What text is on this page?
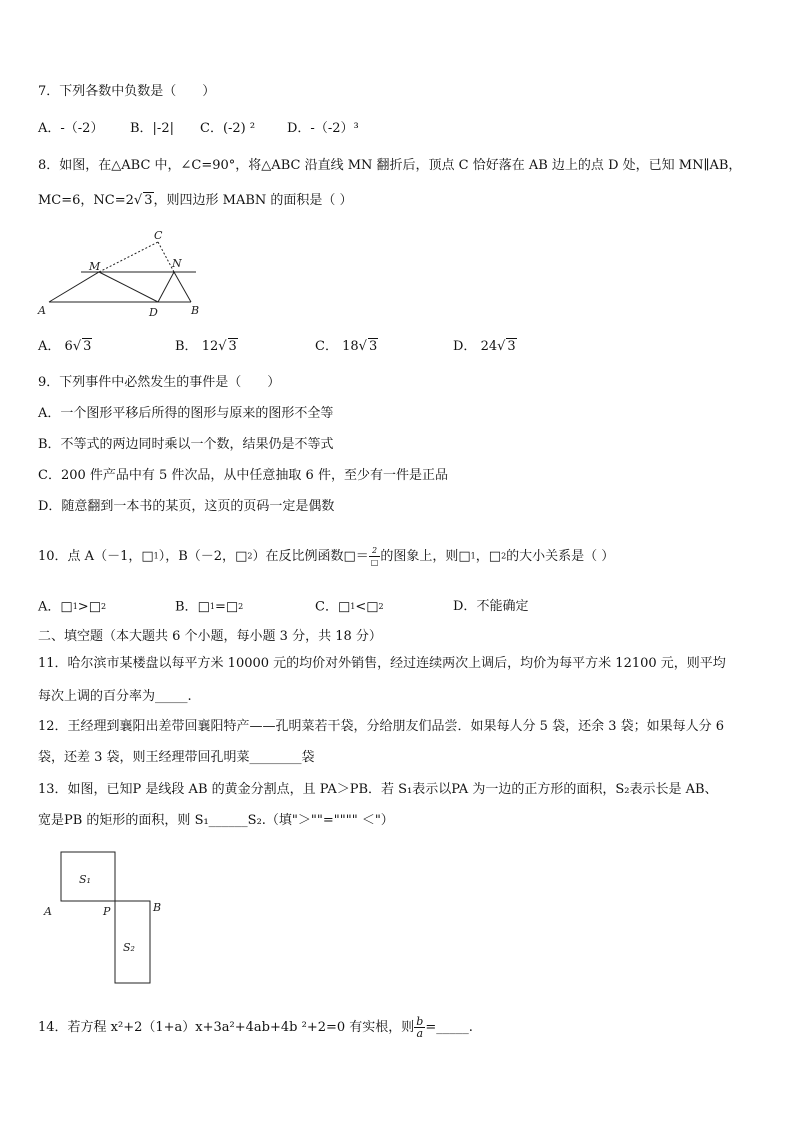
7．下列各数中负数是（　　）
A．-（-2） B．|-2| C．(-2) ² D．-（-2）³
8．如图，在△ABC 中，∠C=90°，将△ABC 沿直线 MN 翻折后，顶点 C 恰好落在 AB 边上的点 D 处，已知 MN∥AB，
MC=6，NC=2√ 3，则四边形 MABN 的面积是（ ）
C
M	N
A	D	B
A． 6√ 3	B． 12√ 3	C． 18√ 3	D． 24√ 3
9．下列事件中必然发生的事件是（　　）
A．一个图形平移后所得的图形与原来的图形不全等
B．不等式的两边同时乘以一个数，结果仍是不等式
C．200 件产品中有 5 件次品，从中任意抽取 6 件，至少有一件是正品
D．随意翻到一本书的某页，这页的页码一定是偶数
10．点 A（－1，□1），B（－2，□2）在反比例函数□＝ $\frac{2}{□}$ 的图象上，则□1，□2的大小关系是（ ）
A．□1>□2	B．□1=□2	C．□1<□2	D．不能确定
二、填空题（本大题共 6 个小题，每小题 3 分，共 18 分）
11．哈尔滨市某楼盘以每平方米 10000 元的均价对外销售，经过连续两次上调后，均价为每平方米 12100 元，则平均
每次上调的百分率为_____.
12．王经理到襄阳出差带回襄阳特产——孔明菜若干袋，分给朋友们品尝．如果每人分 5 袋，还余 3 袋；如果每人分 6
袋，还差 3 袋，则王经理带回孔明菜________袋
13．如图，已知P 是线段 AB 的黄金分割点，且 PA＞PB．若 S₁表示以PA 为一边的正方形的面积，S₂表示长是 AB、
宽是PB 的矩形的面积，则 S₁______S₂.（填"＞""="""" ＜"）
S₁
S₂
A	P	B
14．若方程 x²+2（1+a）x+3a²+4ab+4b ²+2=0 有实根，则 $\frac{b}{a}$ =_____.
